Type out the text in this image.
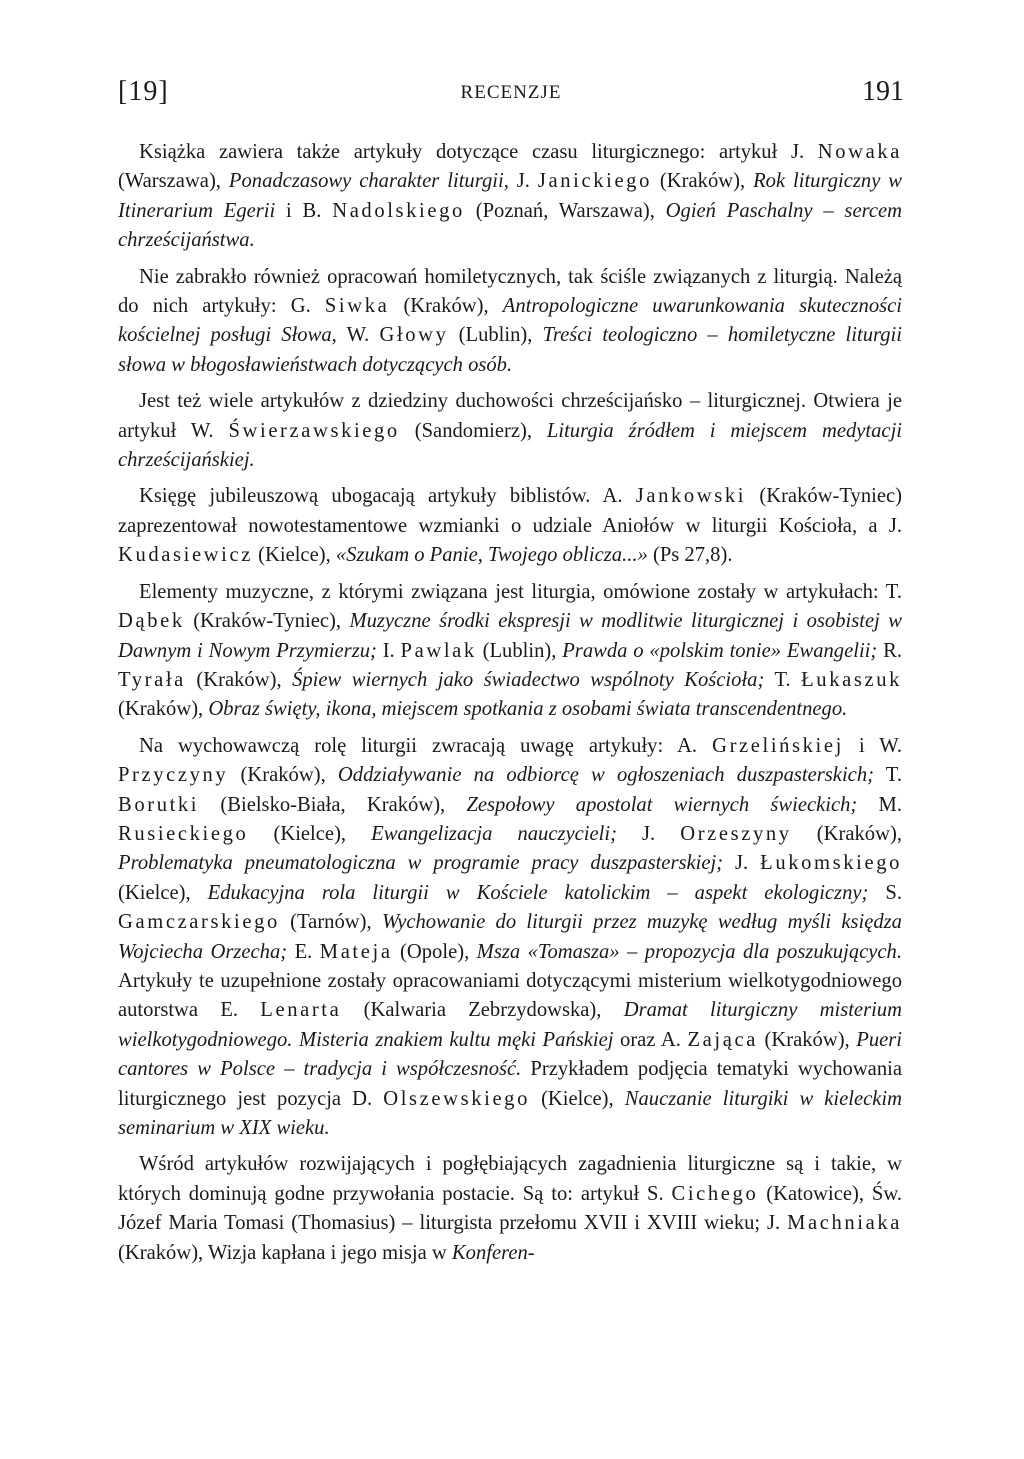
[19]	RECENZJE	191

Książka zawiera także artykuły dotyczące czasu liturgicznego: artykuł J. Nowaka (Warszawa), Ponadczasowy charakter liturgii, J. Janickiego (Kraków), Rok liturgiczny w Itinerarium Egerii i B. Nadolskiego (Poznań, Warszawa), Ogień Paschalny – sercem chrześcijaństwa.

Nie zabrakło również opracowań homiletycznych, tak ściśle związanych z liturgią. Należą do nich artykuły: G. Siwka (Kraków), Antropologiczne uwarunkowania skuteczności kościelnej posługi Słowa, W. Głowy (Lublin), Treści teologiczno – homiletyczne liturgii słowa w błogosławieństwach dotyczących osób.

Jest też wiele artykułów z dziedziny duchowości chrześcijańsko – liturgicznej. Otwiera je artykuł W. Świerzawskiego (Sandomierz), Liturgia źródłem i miejscem medytacji chrześcijańskiej.

Księgę jubileuszową ubogacają artykuły biblistów. A. Jankowski (Kraków-Tyniec) zaprezentował nowotestamentowe wzmianki o udziale Aniołów w liturgii Kościoła, a J. Kudasiewicz (Kielce), «Szukam o Panie, Twojego oblicza...» (Ps 27,8).

Elementy muzyczne, z którymi związana jest liturgia, omówione zostały w artykułach: T. Dąbek (Kraków-Tyniec), Muzyczne środki ekspresji w modlitwie liturgicznej i osobistej w Dawnym i Nowym Przymierzu; I. Pawlak (Lublin), Prawda o «polskim tonie» Ewangelii; R. Tyrała (Kraków), Śpiew wiernych jako świadectwo wspólnoty Kościoła; T. Łukaszuk (Kraków), Obraz święty, ikona, miejscem spotkania z osobami świata transcendentnego.

Na wychowawczą rolę liturgii zwracają uwagę artykuły: A. Grzelińskiej i W. Przyczyny (Kraków), Oddziaływanie na odbiorcę w ogłoszeniach duszpasterskich; T. Borutki (Bielsko-Biała, Kraków), Zespołowy apostolat wiernych świeckich; M. Rusieckiego (Kielce), Ewangelizacja nauczycieli; J. Orzeszyny (Kraków), Problematyka pneumatologiczna w programie pracy duszpasterskiej; J. Łukomskiego (Kielce), Edukacyjna rola liturgii w Kościele katolickim – aspekt ekologiczny; S. Gamczarskiego (Tarnów), Wychowanie do liturgii przez muzykę według myśli księdza Wojciecha Orzecha; E. Mateja (Opole), Msza «Tomasza» – propozycja dla poszukujących. Artykuły te uzupełnione zostały opracowaniami dotyczącymi misterium wielkotygodniowego autorstwa E. Lenarta (Kalwaria Zebrzydowska), Dramat liturgiczny misterium wielkotygodniowego. Misteria znakiem kultu męki Pańskiej oraz A. Zająca (Kraków), Pueri cantores w Polsce – tradycja i współczesność. Przykładem podjęcia tematyki wychowania liturgicznego jest pozycja D. Olszewskiego (Kielce), Nauczanie liturgiki w kieleckim seminarium w XIX wieku.

Wśród artykułów rozwijających i pogłębiających zagadnienia liturgiczne są i takie, w których dominują godne przywołania postacie. Są to: artykuł S. Cichego (Katowice), Św. Józef Maria Tomasi (Thomasius) – liturgista przełomu XVII i XVIII wieku; J. Machniaka (Kraków), Wizja kapłana i jego misja w Konferen-
